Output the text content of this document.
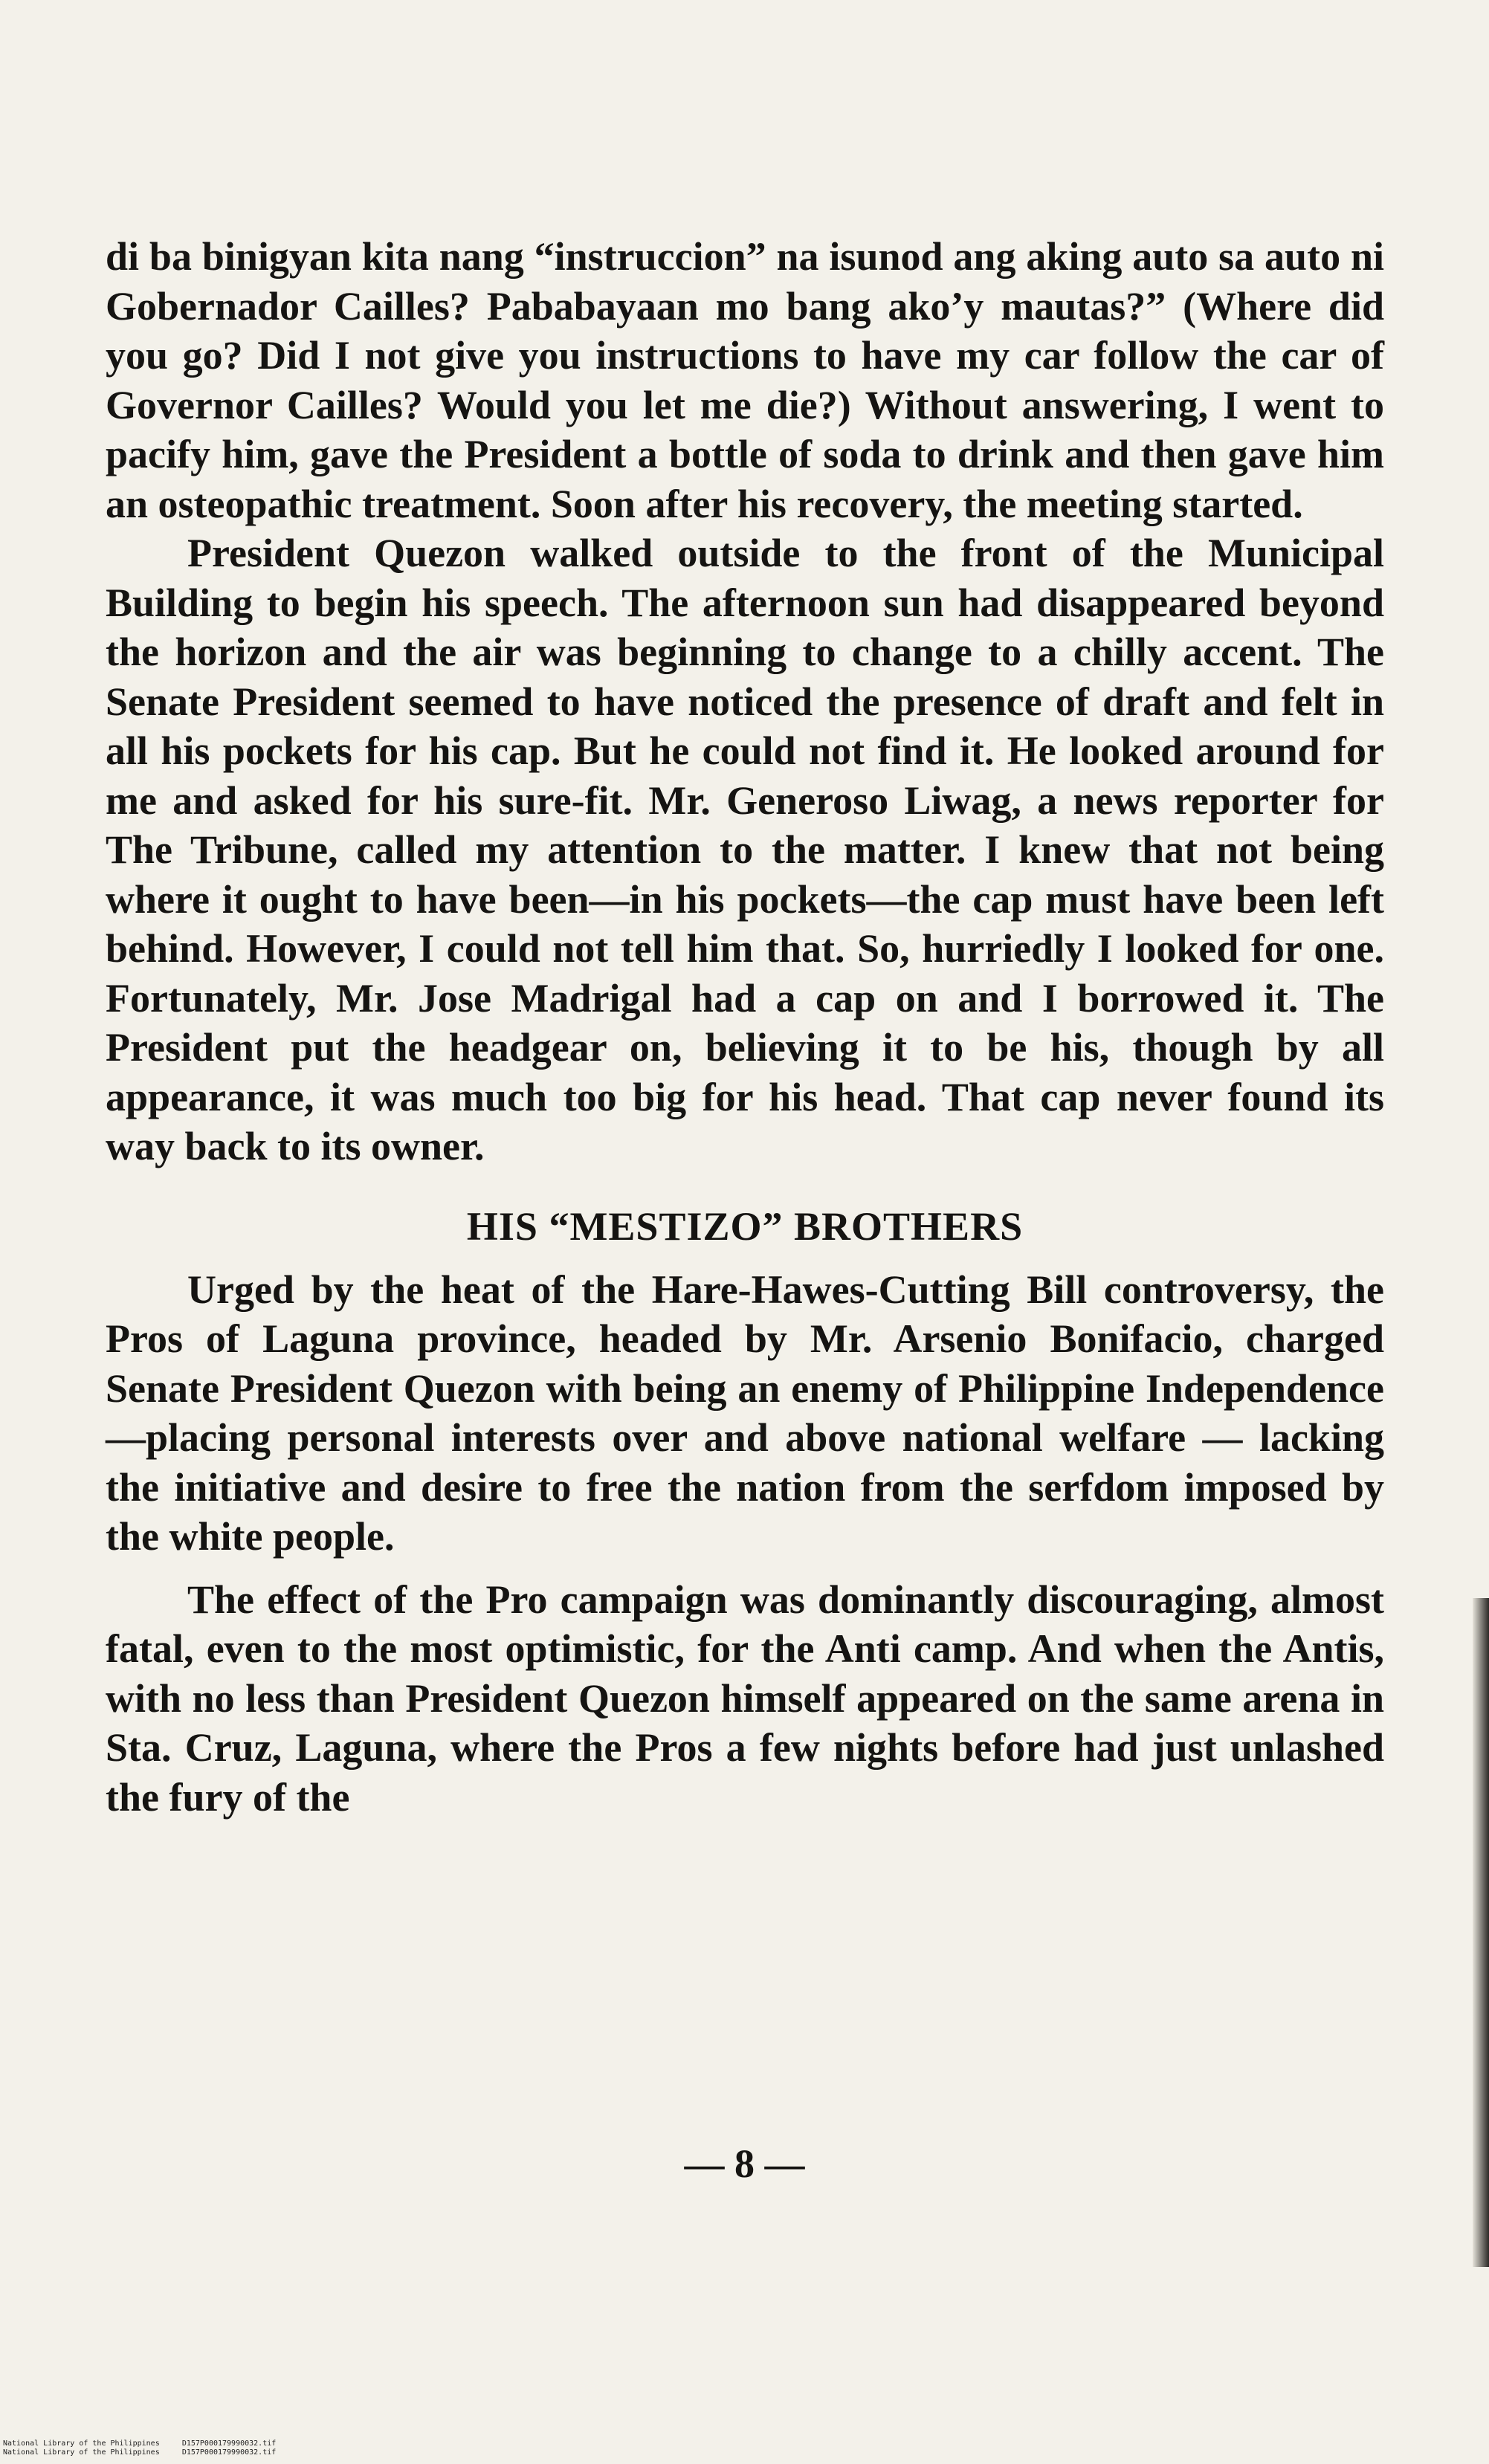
di ba binigyan kita nang “instruccion” na isunod ang aking auto sa auto ni Gobernador Cailles? Pababayaan mo bang ako’y mautas?” (Where did you go? Did I not give you instructions to have my car follow the car of Governor Cailles? Would you let me die?) Without answering, I went to pacify him, gave the President a bottle of soda to drink and then gave him an osteopathic treatment. Soon after his recovery, the meeting started.

President Quezon walked outside to the front of the Municipal Building to begin his speech. The afternoon sun had disappeared beyond the horizon and the air was beginning to change to a chilly accent. The Senate President seemed to have noticed the presence of draft and felt in all his pockets for his cap. But he could not find it. He looked around for me and asked for his sure-fit. Mr. Generoso Liwag, a news reporter for The Tribune, called my attention to the matter. I knew that not being where it ought to have been—in his pockets—the cap must have been left behind. However, I could not tell him that. So, hurriedly I looked for one. Fortunately, Mr. Jose Madrigal had a cap on and I borrowed it. The President put the headgear on, believing it to be his, though by all appearance, it was much too big for his head. That cap never found its way back to its owner.

HIS “MESTIZO” BROTHERS

Urged by the heat of the Hare-Hawes-Cutting Bill controversy, the Pros of Laguna province, headed by Mr. Arsenio Bonifacio, charged Senate President Quezon with being an enemy of Philippine Independence—placing personal interests over and above national welfare — lacking the initiative and desire to free the nation from the serfdom imposed by the white people.

The effect of the Pro campaign was dominantly discouraging, almost fatal, even to the most optimistic, for the Anti camp. And when the Antis, with no less than President Quezon himself appeared on the same arena in Sta. Cruz, Laguna, where the Pros a few nights before had just unlashed the fury of the

— 8 —
National Library of the Philippines     D157P000179990032.tif
National Library of the Philippines     D157P000179990032.tif
